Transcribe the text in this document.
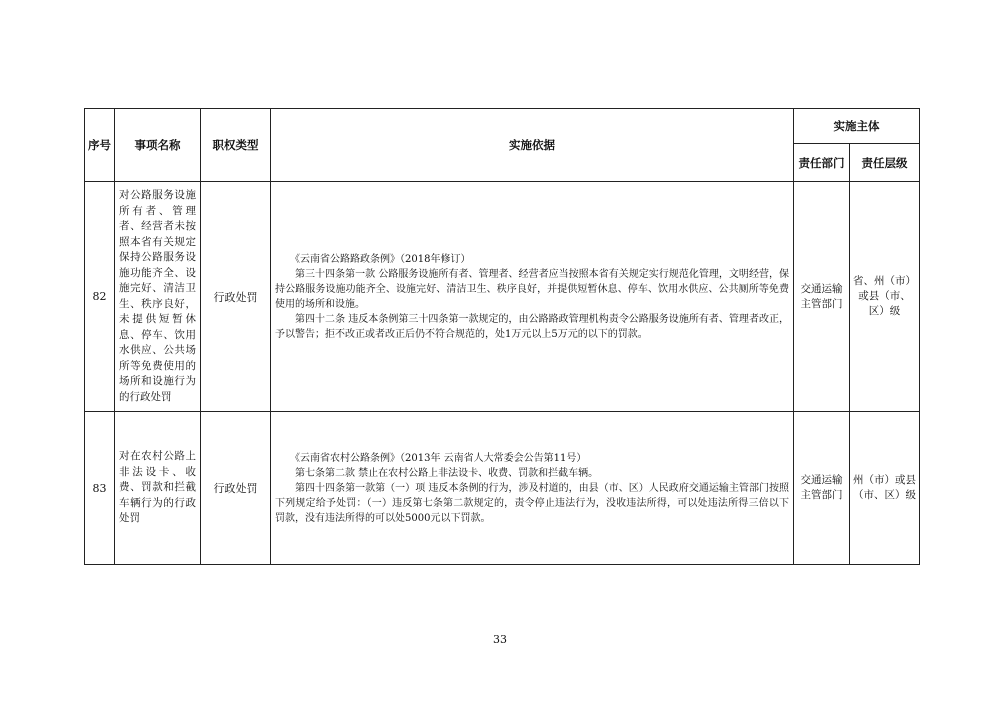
序号	事项名称	职权类型	实施依据	实施主体	
				责任部门	责任层级
82	对公路服务设施所有者、管理者、经营者未按照本省有关规定保持公路服务设施功能齐全、设施完好、清洁卫生、秩序良好，未提供短暂休息、停车、饮用水供应、公共场所等免费使用的场所和设施行为的行政处罚	行政处罚	《云南省公路路政条例》（2018年修订）

第三十四条第一款 公路服务设施所有者、管理者、经营者应当按照本省有关规定实行规范化管理，文明经营，保持公路服务设施功能齐全、设施完好、清洁卫生、秩序良好，并提供短暂休息、停车、饮用水供应、公共厕所等免费使用的场所和设施。

第四十二条 违反本条例第三十四条第一款规定的，由公路路政管理机构责令公路服务设施所有者、管理者改正，予以警告；拒不改正或者改正后仍不符合规范的，处1万元以上5万元的以下的罚款。	交通运输主管部门	省、州（市）或县（市、区）级
83	对在农村公路上非法设卡、收费、罚款和拦截车辆行为的行政处罚	行政处罚	《云南省农村公路条例》（2013年 云南省人大常委会公告第11号）

第七条第二款 禁止在农村公路上非法设卡、收费、罚款和拦截车辆。

第四十四条第一款第（一）项 违反本条例的行为，涉及村道的，由县（市、区）人民政府交通运输主管部门按照下列规定给予处罚：（一）违反第七条第二款规定的，责令停止违法行为，没收违法所得，可以处违法所得三倍以下罚款，没有违法所得的可以处5000元以下罚款。	交通运输主管部门	州（市）或县（市、区）级
33
